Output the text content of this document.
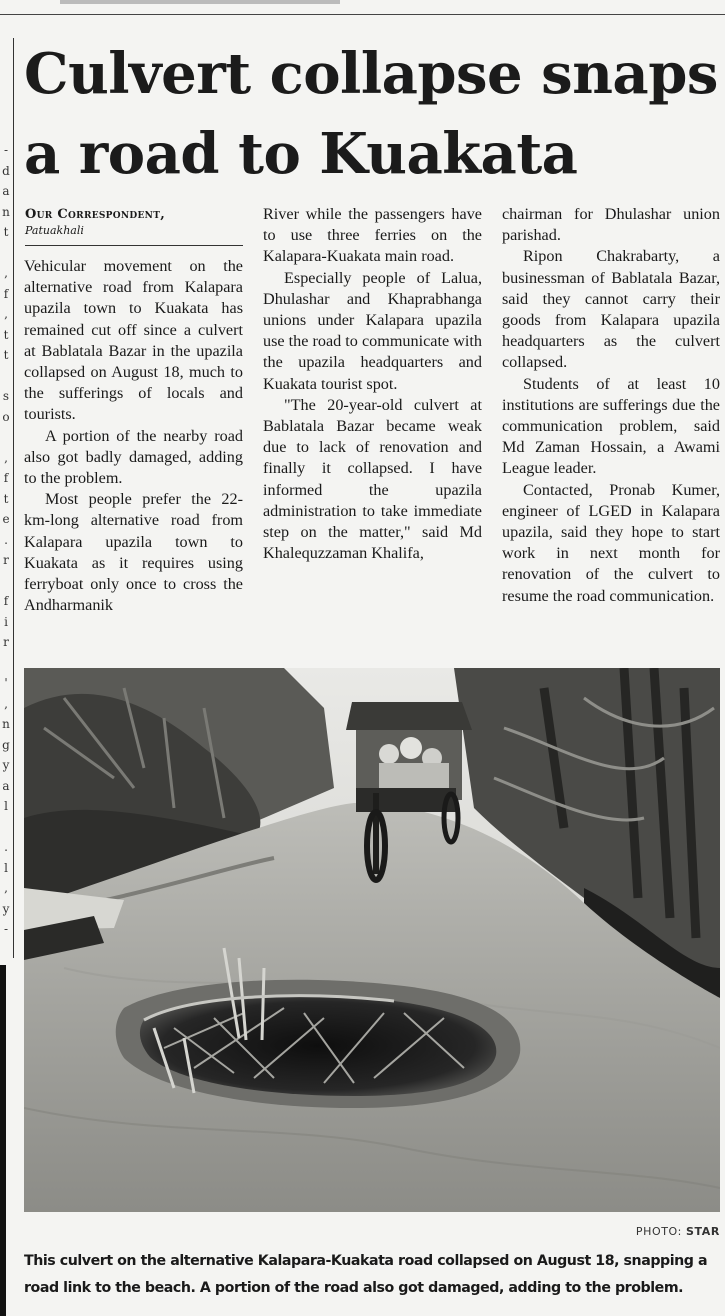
-
d
a
n
t
,
f
,
t
t
s
o
,
f
t
e
.
r
f
i
r
'
,
n
g
y
a
l
.
l
,
y
-
Culvert collapse snaps a road to Kuakata
Our Correspondent,
Patuakhali

Vehicular movement on the alternative road from Kalapara upazila town to Kuakata has remained cut off since a culvert at Bablatala Bazar in the upazila collapsed on August 18, much to the sufferings of locals and tourists.

A portion of the nearby road also got badly damaged, adding to the problem.

Most people prefer the 22-km-long alternative road from Kalapara upazila town to Kuakata as it requires using ferryboat only once to cross the Andharmanik

River while the passengers have to use three ferries on the Kalapara-Kuakata main road.

Especially people of Lalua, Dhulashar and Khaprabhanga unions under Kalapara upazila use the road to communicate with the upazila headquarters and Kuakata tourist spot.

"The 20-year-old culvert at Bablatala Bazar became weak due to lack of renovation and finally it collapsed. I have informed the upazila administration to take immediate step on the matter," said Md Khalequzzaman Khalifa,

chairman for Dhulashar union parishad.

Ripon Chakrabarty, a businessman of Bablatala Bazar, said they cannot carry their goods from Kalapara upazila headquarters as the culvert collapsed.

Students of at least 10 institutions are sufferings due the communication problem, said Md Zaman Hossain, a Awami League leader.

Contacted, Pronab Kumer, engineer of LGED in Kalapara upazila, said they hope to start work in next month for renovation of the culvert to resume the road communication.

PHOTO: STAR

This culvert on the alternative Kalapara-Kuakata road collapsed on August 18, snapping a road link to the beach. A portion of the road also got damaged, adding to the problem.
